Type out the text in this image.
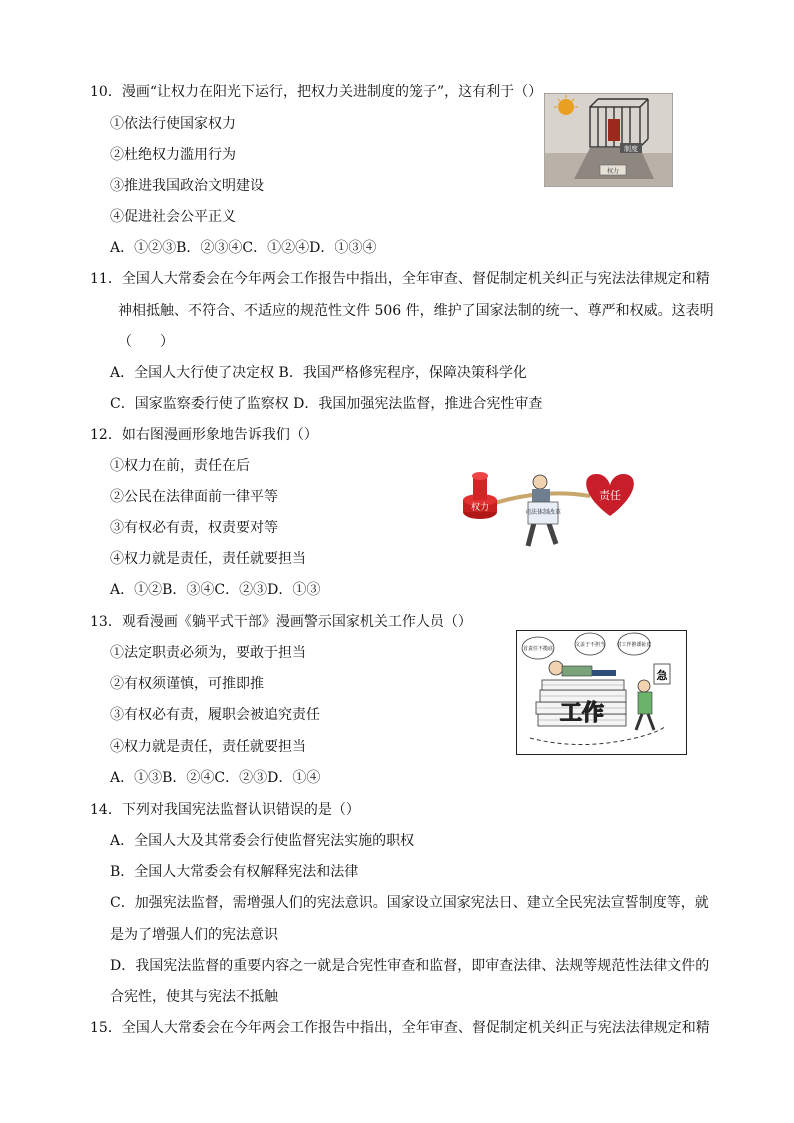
10．漫画“让权力在阳光下运行，把权力关进制度的笼子”，这有利于（）
①依法行使国家权力
②杜绝权力滥用行为
③推进我国政治文明建设
④促进社会公平正义
A．①②③B．②③④C．①②④D．①③④
制度
权力
11．全国人大常委会在今年两会工作报告中指出，全年审查、督促制定机关纠正与宪法法律规定和精
神相抵触、不符合、不适应的规范性文件 506 件，维护了国家法制的统一、尊严和权威。这表明
（　　）
A．全国人大行使了决定权 B．我国严格修宪程序，保障决策科学化
C．国家监察委行使了监察权 D．我国加强宪法监督，推进合宪性审查
12．如右图漫画形象地告诉我们（）
①权力在前，责任在后
②公民在法律面前一律平等
③有权必有责，权责要对等
④权力就是责任，责任就要担当
A．①②B．③④C．②③D．①③
权力
责任
司法体制改革
13．观看漫画《躺平式干部》漫画警示国家机关工作人员（）
①法定职责必须为，要敢于担当
②有权须谨慎，可推即推
③有权必有责，履职会被追究责任
④权力就是责任，责任就要担当
A．①③B．②④C．②③D．①④
首责任不揽底
文盖于不担当 对工作推诿扯皮
工作
急
14．下列对我国宪法监督认识错误的是（）
A．全国人大及其常委会行使监督宪法实施的职权
B．全国人大常委会有权解释宪法和法律
C．加强宪法监督，需增强人们的宪法意识。国家设立国家宪法日、建立全民宪法宣誓制度等，就
是为了增强人们的宪法意识
D．我国宪法监督的重要内容之一就是合宪性审查和监督，即审查法律、法规等规范性法律文件的
合宪性，使其与宪法不抵触
15．全国人大常委会在今年两会工作报告中指出，全年审查、督促制定机关纠正与宪法法律规定和精
